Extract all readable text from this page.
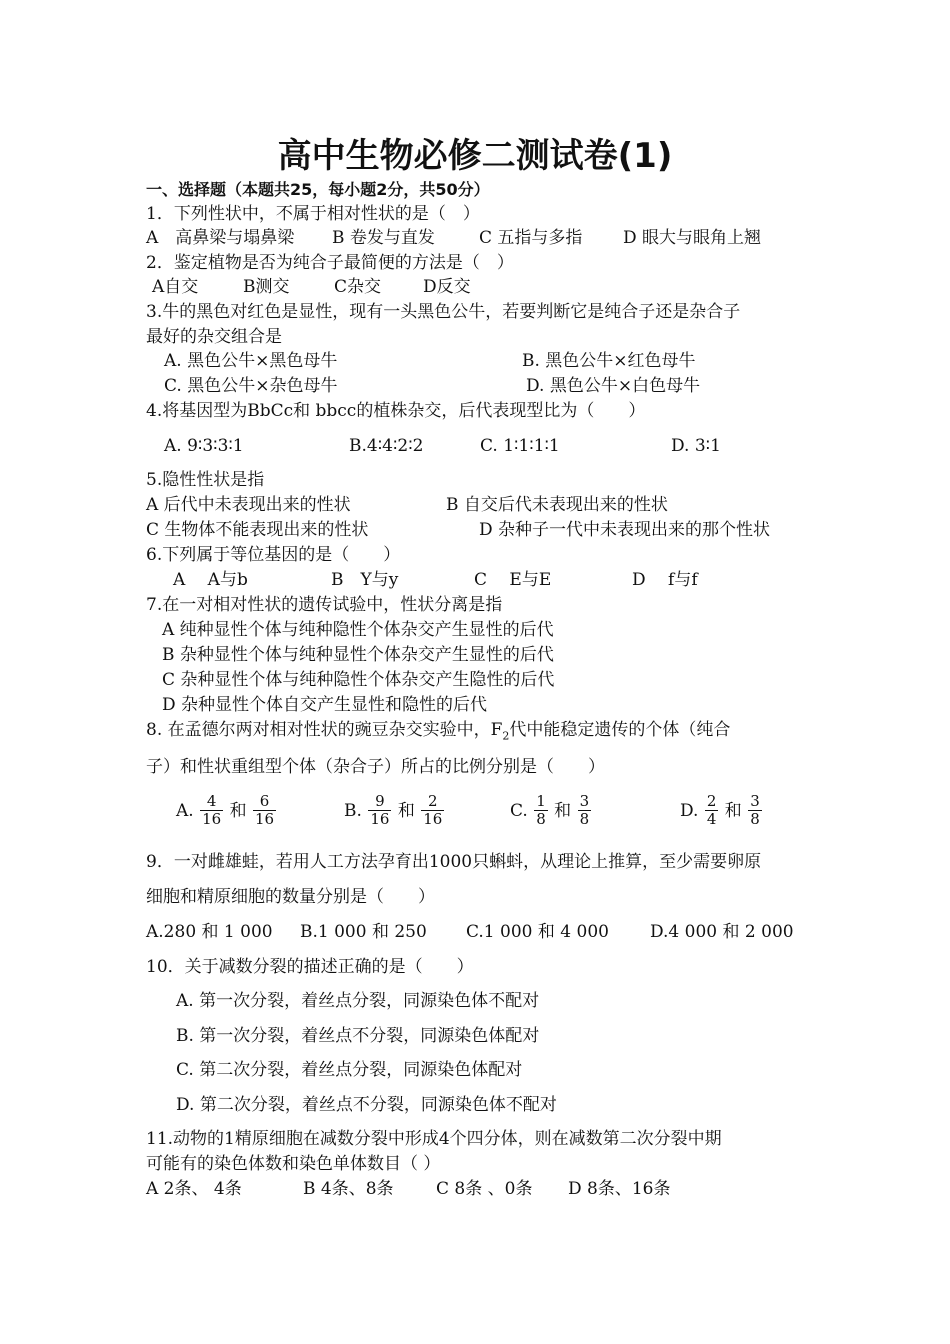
高中生物必修二测试卷(1)
一、选择题（本题共25，每小题2分，共50分）
1．下列性状中，不属于相对性状的是（　）
A　高鼻梁与塌鼻梁 B 卷发与直发	C 五指与多指 D 眼大与眼角上翘
2．鉴定植物是否为纯合子最简便的方法是（　）
A自交	B测交	C杂交 D反交
3.牛的黑色对红色是显性，现有一头黑色公牛，若要判断它是纯合子还是杂合子
最好的杂交组合是
A. 黑色公牛×黑色母牛	B. 黑色公牛×红色母牛
C. 黑色公牛×杂色母牛	D. 黑色公牛×白色母牛
4.将基因型为BbCc和 bbcc的植株杂交，后代表现型比为（　　）
A. 9∶3∶3∶1	B.4∶4∶2∶2	C. 1∶1∶1∶1	D. 3∶1
5.隐性性状是指
A 后代中未表现出来的性状	B 自交后代未表现出来的性状
C 生物体不能表现出来的性状	D 杂种子一代中未表现出来的那个性状
6.下列属于等位基因的是（　　）
A　 A与b	B　Y与y	C　 E与E	D　 f与f
7.在一对相对性状的遗传试验中，性状分离是指
A 纯种显性个体与纯种隐性个体杂交产生显性的后代
B 杂种显性个体与纯种显性个体杂交产生显性的后代
C 杂种显性个体与纯种隐性个体杂交产生隐性的后代
D 杂种显性个体自交产生显性和隐性的后代
8. 在孟德尔两对相对性状的豌豆杂交实验中，$F_2$代中能稳定遗传的个体（纯合
子）和性状重组型个体（杂合子）所占的比例分别是（　　）
A. $\frac{4}{16}$ 和 $\frac{6}{16}$	B. $\frac{9}{16}$ 和 $\frac{2}{16}$	C. $\frac{1}{8}$ 和 $\frac{3}{8}$	D. $\frac{2}{4}$ 和 $\frac{3}{8}$
9．一对雌雄蛙，若用人工方法孕育出1000只蝌蚪，从理论上推算，至少需要卵原
细胞和精原细胞的数量分别是（　　）
A.280 和 1 000 B.1 000 和 250 C.1 000 和 4 000 D.4 000 和 2 000
10．关于减数分裂的描述正确的是（　　）
A. 第一次分裂，着丝点分裂，同源染色体不配对
B. 第一次分裂，着丝点不分裂，同源染色体配对
C. 第二次分裂，着丝点分裂，同源染色体配对
D. 第二次分裂，着丝点不分裂，同源染色体不配对
11.动物的1精原细胞在减数分裂中形成4个四分体，则在减数第二次分裂中期
可能有的染色体数和染色单体数目（ ）
A 2条、 4条	B 4条、8条 C 8条 、0条 D 8条、16条
